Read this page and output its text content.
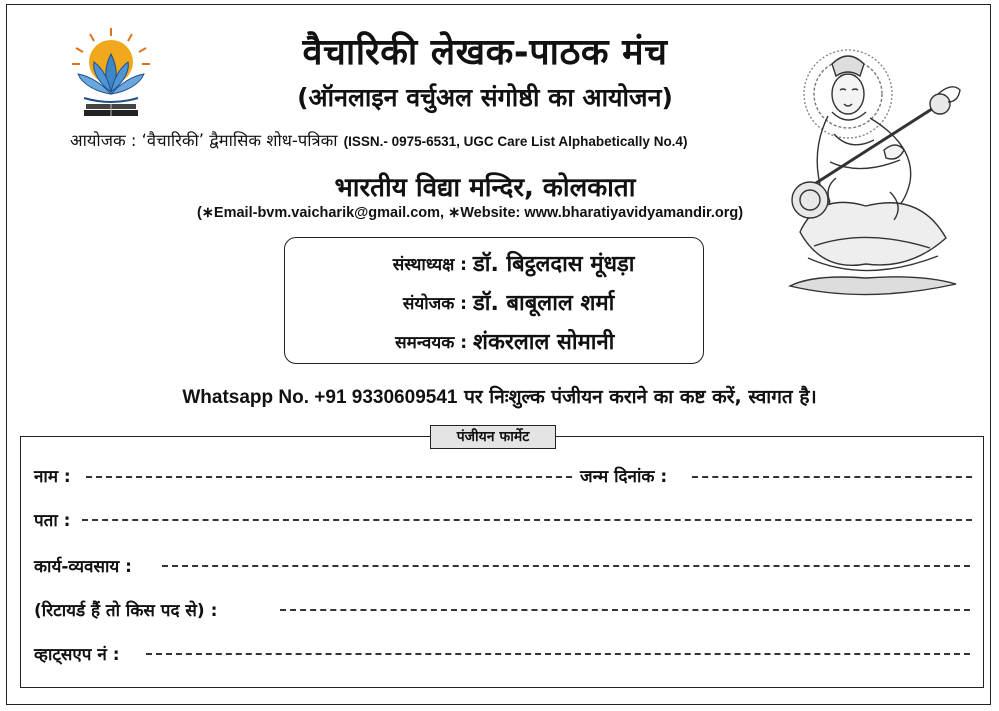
वैचारिकी लेखक-पाठक मंच
(ऑनलाइन वर्चुअल संगोष्ठी का आयोजन)
आयोजक : ‘वैचारिकी’ द्वैमासिक शोध-पत्रिका (ISSN.- 0975-6531, UGC Care List Alphabetically No.4)
भारतीय विद्या मन्दिर, कोलकाता
(∗Email-bvm.vaicharik@gmail.com, ∗Website: www.bharatiyavidyamandir.org)
संस्थाध्यक्ष : डॉ. बिट्ठलदास मूंधड़ा
संयोजक : डॉ. बाबूलाल शर्मा
समन्वयक : शंकरलाल सोमानी
Whatsapp No. +91 9330609541 पर निःशुल्क पंजीयन कराने का कष्ट करें, स्वागत है।
पंजीयन फार्मेट
नाम :	जन्म दिनांक :
पता :
कार्य-व्यवसाय :
(रिटायर्ड हैं तो किस पद से) :
व्हाट्सएप नं :
